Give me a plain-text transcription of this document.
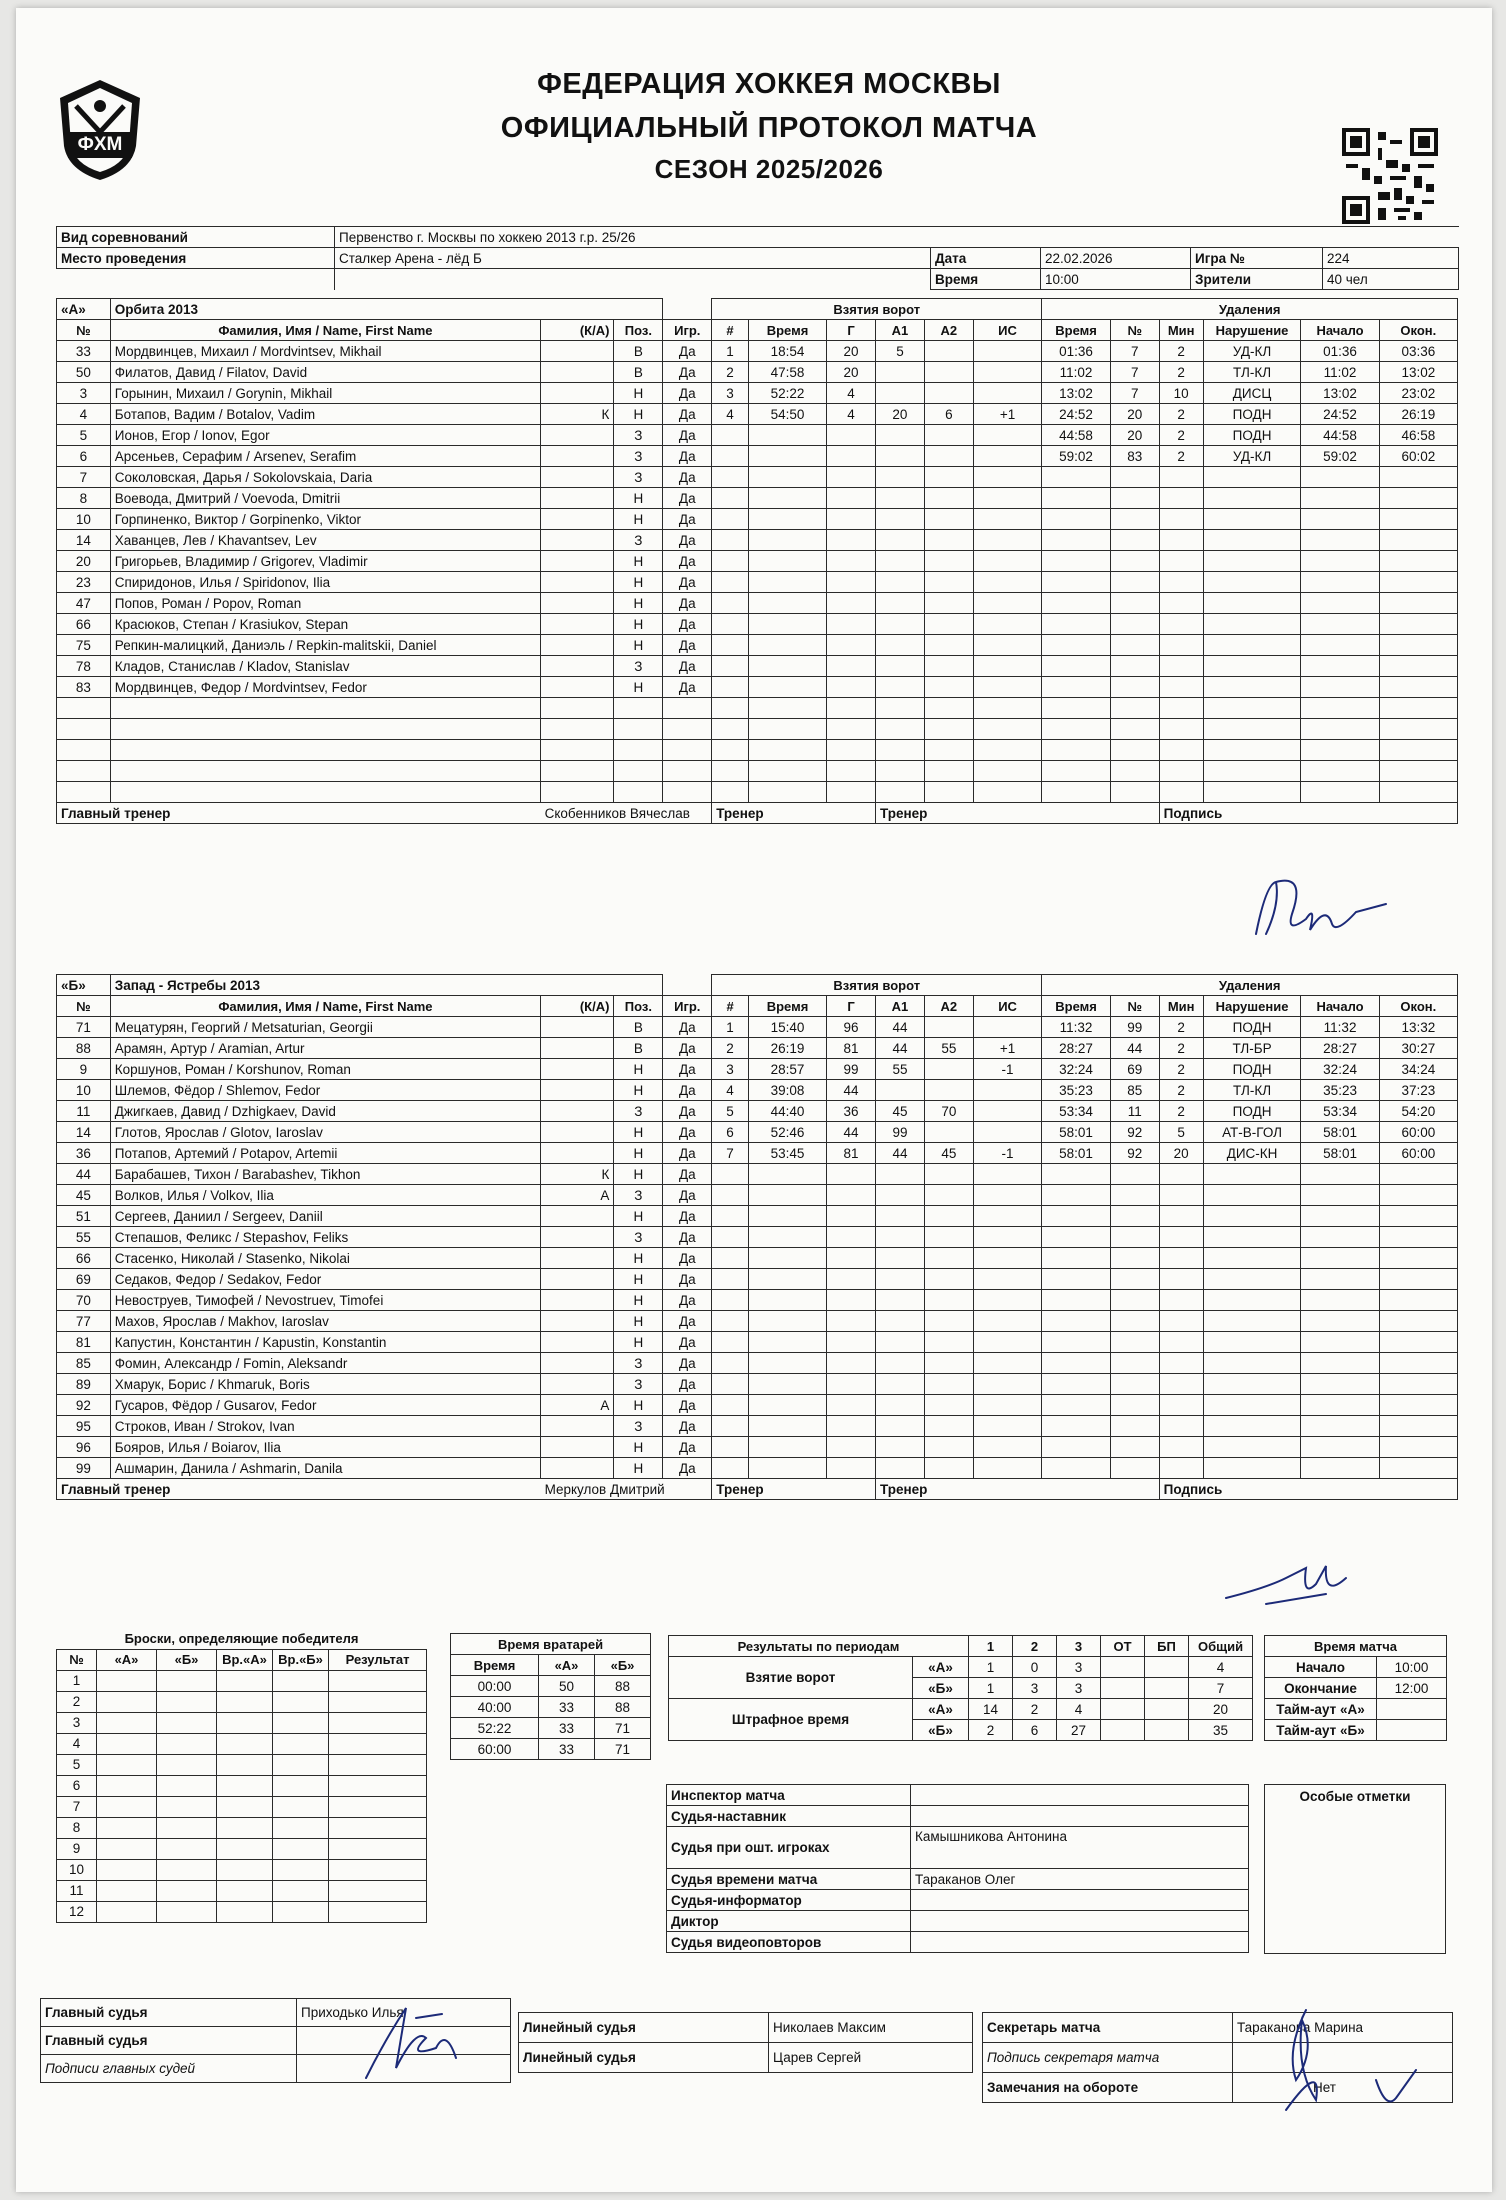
ФХМ
ФЕДЕРАЦИЯ ХОККЕЯ МОСКВЫ
ОФИЦИАЛЬНЫЙ ПРОТОКОЛ МАТЧА
СЕЗОН 2025/2026
Вид соревнований	Первенство г. Москвы по хоккею 2013 г.р. 25/26				
Место проведения	Сталкер Арена - лёд Б	Дата	22.02.2026	Игра №	224
		Время	10:00	Зрители	40 чел
«А»	Орбита 2013				Взятия ворот						Удаления					
№	Фамилия, Имя / Name, First Name	(К/А)	Поз.	Игр.	#	Время	Г	А1	А2	ИС	Время	№	Мин	Нарушение	Начало	Окон.
33	Мордвинцев, Михаил / Mordvintsev, Mikhail		В	Да	1	18:54	20	5			01:36	7	2	УД-КЛ	01:36	03:36
50	Филатов, Давид / Filatov, David		В	Да	2	47:58	20				11:02	7	2	ТЛ-КЛ	11:02	13:02
3	Горынин, Михаил / Gorynin, Mikhail		Н	Да	3	52:22	4				13:02	7	10	ДИСЦ	13:02	23:02
4	Ботапов, Вадим / Botalov, Vadim	К	Н	Да	4	54:50	4	20	6	+1	24:52	20	2	ПОДН	24:52	26:19
5	Ионов, Егор / Ionov, Egor		З	Да							44:58	20	2	ПОДН	44:58	46:58
6	Арсеньев, Серафим / Arsenev, Serafim		З	Да							59:02	83	2	УД-КЛ	59:02	60:02
7	Соколовская, Дарья / Sokolovskaia, Daria		З	Да												
8	Воевода, Дмитрий / Voevoda, Dmitrii		Н	Да												
10	Горпиненко, Виктор / Gorpinenko, Viktor		Н	Да												
14	Хаванцев, Лев / Khavantsev, Lev		З	Да												
20	Григорьев, Владимир / Grigorev, Vladimir		Н	Да												
23	Спиридонов, Илья / Spiridonov, Ilia		Н	Да												
47	Попов, Роман / Popov, Roman		Н	Да												
66	Красюков, Степан / Krasiukov, Stepan		Н	Да												
75	Репкин-малицкий, Даниэль / Repkin-malitskii, Daniel		Н	Да												
78	Кладов, Станислав / Kladov, Stanislav		З	Да												
83	Мордвинцев, Федор / Mordvintsev, Fedor		Н	Да												

Главный тренер		Скобенников Вячеслав			Тренер			Тренер					Подпись			
«Б»	Запад - Ястребы 2013				Взятия ворот						Удаления					
№	Фамилия, Имя / Name, First Name	(К/А)	Поз.	Игр.	#	Время	Г	А1	А2	ИС	Время	№	Мин	Нарушение	Начало	Окон.
71	Мецатурян, Георгий / Metsaturian, Georgii		В	Да	1	15:40	96	44			11:32	99	2	ПОДН	11:32	13:32
88	Арамян, Артур / Aramian, Artur		В	Да	2	26:19	81	44	55	+1	28:27	44	2	ТЛ-БР	28:27	30:27
9	Коршунов, Роман / Korshunov, Roman		Н	Да	3	28:57	99	55		-1	32:24	69	2	ПОДН	32:24	34:24
10	Шлемов, Фёдор / Shlemov, Fedor		Н	Да	4	39:08	44				35:23	85	2	ТЛ-КЛ	35:23	37:23
11	Джигкаев, Давид / Dzhigkaev, David		З	Да	5	44:40	36	45	70		53:34	11	2	ПОДН	53:34	54:20
14	Глотов, Ярослав / Glotov, Iaroslav		Н	Да	6	52:46	44	99			58:01	92	5	АТ-В-ГОЛ	58:01	60:00
36	Потапов, Артемий / Potapov, Artemii		Н	Да	7	53:45	81	44	45	-1	58:01	92	20	ДИС-КН	58:01	60:00
44	Барабашев, Тихон / Barabashev, Tikhon	К	Н	Да												
45	Волков, Илья / Volkov, Ilia	А	З	Да												
51	Сергеев, Даниил / Sergeev, Daniil		Н	Да												
55	Степашов, Феликс / Stepashov, Feliks		З	Да												
66	Стасенко, Николай / Stasenko, Nikolai		Н	Да												
69	Седаков, Федор / Sedakov, Fedor		Н	Да												
70	Невоструев, Тимофей / Nevostruev, Timofei		Н	Да												
77	Махов, Ярослав / Makhov, Iaroslav		Н	Да												
81	Капустин, Константин / Kapustin, Konstantin		Н	Да												
85	Фомин, Александр / Fomin, Aleksandr		З	Да												
89	Хмарук, Борис / Khmaruk, Boris		З	Да												
92	Гусаров, Фёдор / Gusarov, Fedor	А	Н	Да												
95	Строков, Иван / Strokov, Ivan		З	Да												
96	Бояров, Илья / Boiarov, Ilia		Н	Да												
99	Ашмарин, Данила / Ashmarin, Danila		Н	Да												
Главный тренер		Меркулов Дмитрий			Тренер			Тренер					Подпись			
Броски, определяющие победителя					
№	«А»	«Б»	Вр.«А»	Вр.«Б»	Результат
1					
2					
3					
4					
5					
6					
7					
8					
9					
10					
11					
12					
Время вратарей		
Время	«А»	«Б»
00:00	50	88
40:00	33	88
52:22	33	71
60:00	33	71
Результаты по периодам		1	2	3	ОТ	БП	Общий
Взятие ворот	«А»	1	0	3			4
	«Б»	1	3	3			7
Штрафное время	«А»	14	2	4			20
	«Б»	2	6	27			35
Время матча	
Начало	10:00
Окончание	12:00
Тайм-аут «А»	
Тайм-аут «Б»	
Инспектор матча	
Судья-наставник	
Судья при oшт. игроках	Камышникова Антонина
Судья времени матча	Тараканов Олег
Судья-информатор	
Диктор	
Судья видеоповторов	
Особые отметки
Главный судья	Приходько Илья
Главный судья	
Подписи главных судей	
Линейный судья	Николаев Максим
Линейный судья	Царев Сергей
Секретарь матча	Тараканова Марина
Подпись секретаря матча	
Замечания на обороте	Нет
